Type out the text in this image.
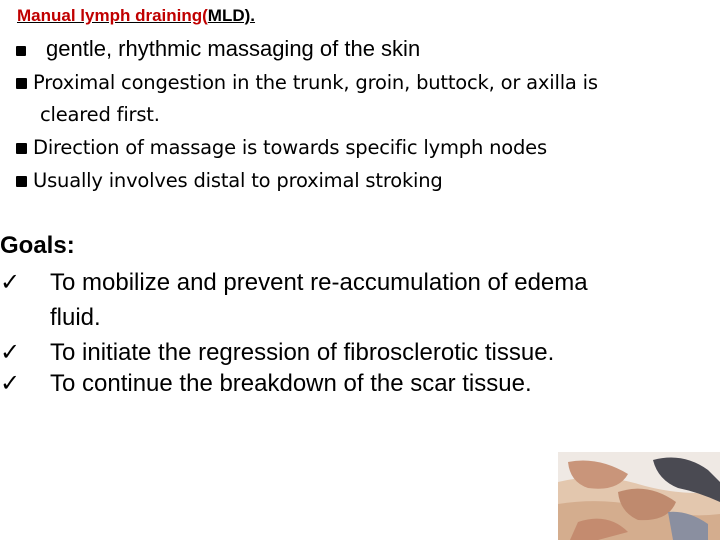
Manual lymph draining(MLD).
gentle, rhythmic massaging of the skin
Proximal congestion in the trunk, groin, buttock, or axilla is
cleared first.
Direction of massage is towards specific lymph nodes
Usually involves distal to proximal stroking
Goals:
✓ To mobilize and prevent re-accumulation of edema
fluid.
✓ To initiate the regression of fibrosclerotic tissue.
✓ To continue the breakdown of the scar tissue.
